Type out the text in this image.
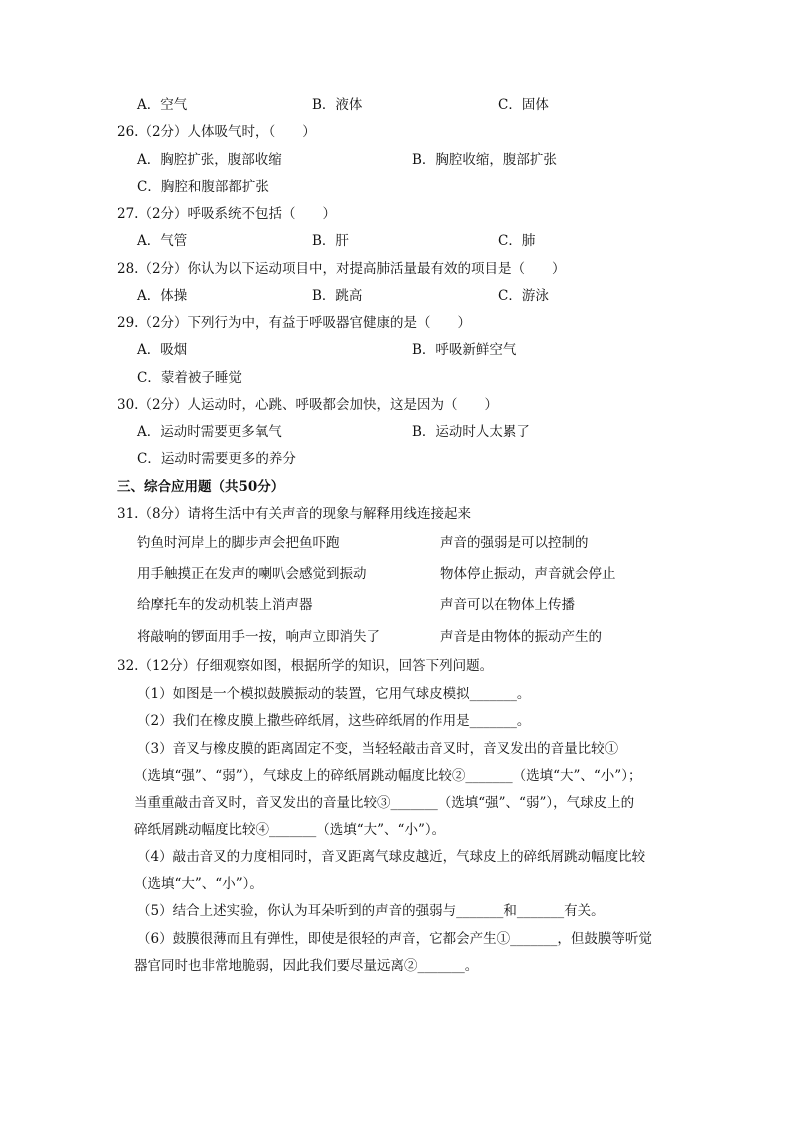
A．空气	B．液体	C．固体
26.（2分）人体吸气时，（　　）
A．胸腔扩张，腹部收缩	B．胸腔收缩，腹部扩张
C．胸腔和腹部都扩张
27.（2分）呼吸系统不包括（　　）
A．气管	B．肝	C．肺
28.（2分）你认为以下运动项目中，对提高肺活量最有效的项目是（　　）
A．体操	B．跳高	C．游泳
29.（2分）下列行为中，有益于呼吸器官健康的是（　　）
A．吸烟	B．呼吸新鲜空气
C．蒙着被子睡觉
30.（2分）人运动时，心跳、呼吸都会加快，这是因为（　　）
A．运动时需要更多氧气	B．运动时人太累了
C．运动时需要更多的养分
三、综合应用题（共50分）
31.（8分）请将生活中有关声音的现象与解释用线连接起来
钓鱼时河岸上的脚步声会把鱼吓跑	声音的强弱是可以控制的
用手触摸正在发声的喇叭会感觉到振动	物体停止振动，声音就会停止
给摩托车的发动机装上消声器	声音可以在物体上传播
将敲响的锣面用手一按，响声立即消失了	声音是由物体的振动产生的
32.（12分）仔细观察如图，根据所学的知识，回答下列问题。
（1）如图是一个模拟鼓膜振动的装置，它用气球皮模拟_______。
（2）我们在橡皮膜上撒些碎纸屑，这些碎纸屑的作用是_______。
（3）音叉与橡皮膜的距离固定不变，当轻轻敲击音叉时，音叉发出的音量比较①
（选填“强”、“弱”），气球皮上的碎纸屑跳动幅度比较②_______（选填“大”、“小”）；
当重重敲击音叉时，音叉发出的音量比较③_______（选填“强”、“弱”），气球皮上的
碎纸屑跳动幅度比较④_______（选填“大”、“小”）。
（4）敲击音叉的力度相同时，音叉距离气球皮越近，气球皮上的碎纸屑跳动幅度比较
（选填“大”、“小”）。
（5）结合上述实验，你认为耳朵听到的声音的强弱与_______和_______有关。
（6）鼓膜很薄而且有弹性，即使是很轻的声音，它都会产生①_______，但鼓膜等听觉
器官同时也非常地脆弱，因此我们要尽量远离②_______。
